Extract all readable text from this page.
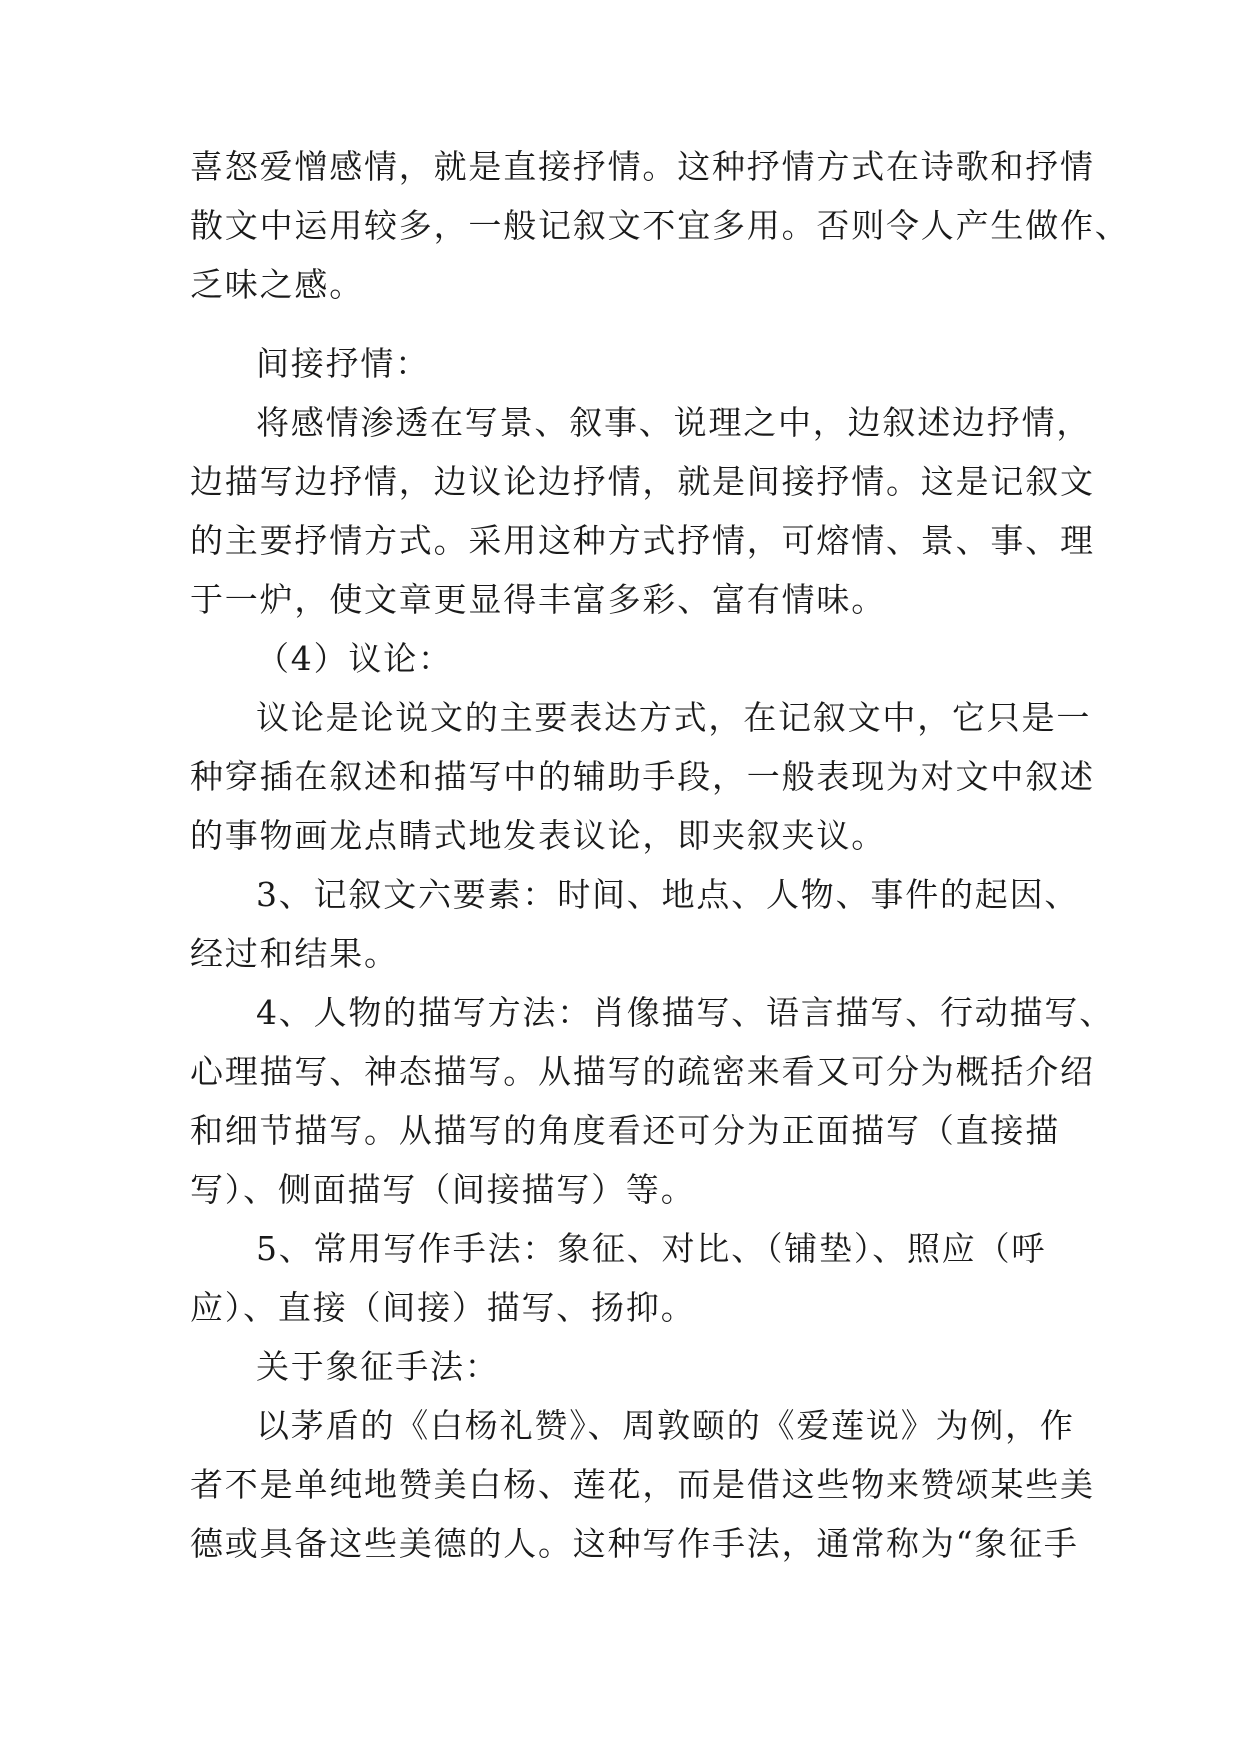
喜怒爱憎感情，就是直接抒情。这种抒情方式在诗歌和抒情
散文中运用较多，一般记叙文不宜多用。否则令人产生做作、
乏味之感。
间接抒情：
将感情渗透在写景、叙事、说理之中，边叙述边抒情，
边描写边抒情，边议论边抒情，就是间接抒情。这是记叙文
的主要抒情方式。采用这种方式抒情，可熔情、景、事、理
于一炉，使文章更显得丰富多彩、富有情味。
（4）议论：
议论是论说文的主要表达方式，在记叙文中，它只是一
种穿插在叙述和描写中的辅助手段，一般表现为对文中叙述
的事物画龙点睛式地发表议论，即夹叙夹议。
3、记叙文六要素：时间、地点、人物、事件的起因、
经过和结果。
4、人物的描写方法：肖像描写、语言描写、行动描写、
心理描写、神态描写。从描写的疏密来看又可分为概括介绍
和细节描写。从描写的角度看还可分为正面描写（直接描
写）、侧面描写（间接描写）等。
5、常用写作手法：象征、对比、（铺垫）、照应（呼
应）、直接（间接）描写、扬抑。
关于象征手法：
以茅盾的《白杨礼赞》、周敦颐的《爱莲说》为例，作
者不是单纯地赞美白杨、莲花，而是借这些物来赞颂某些美
德或具备这些美德的人。这种写作手法，通常称为“象征手
